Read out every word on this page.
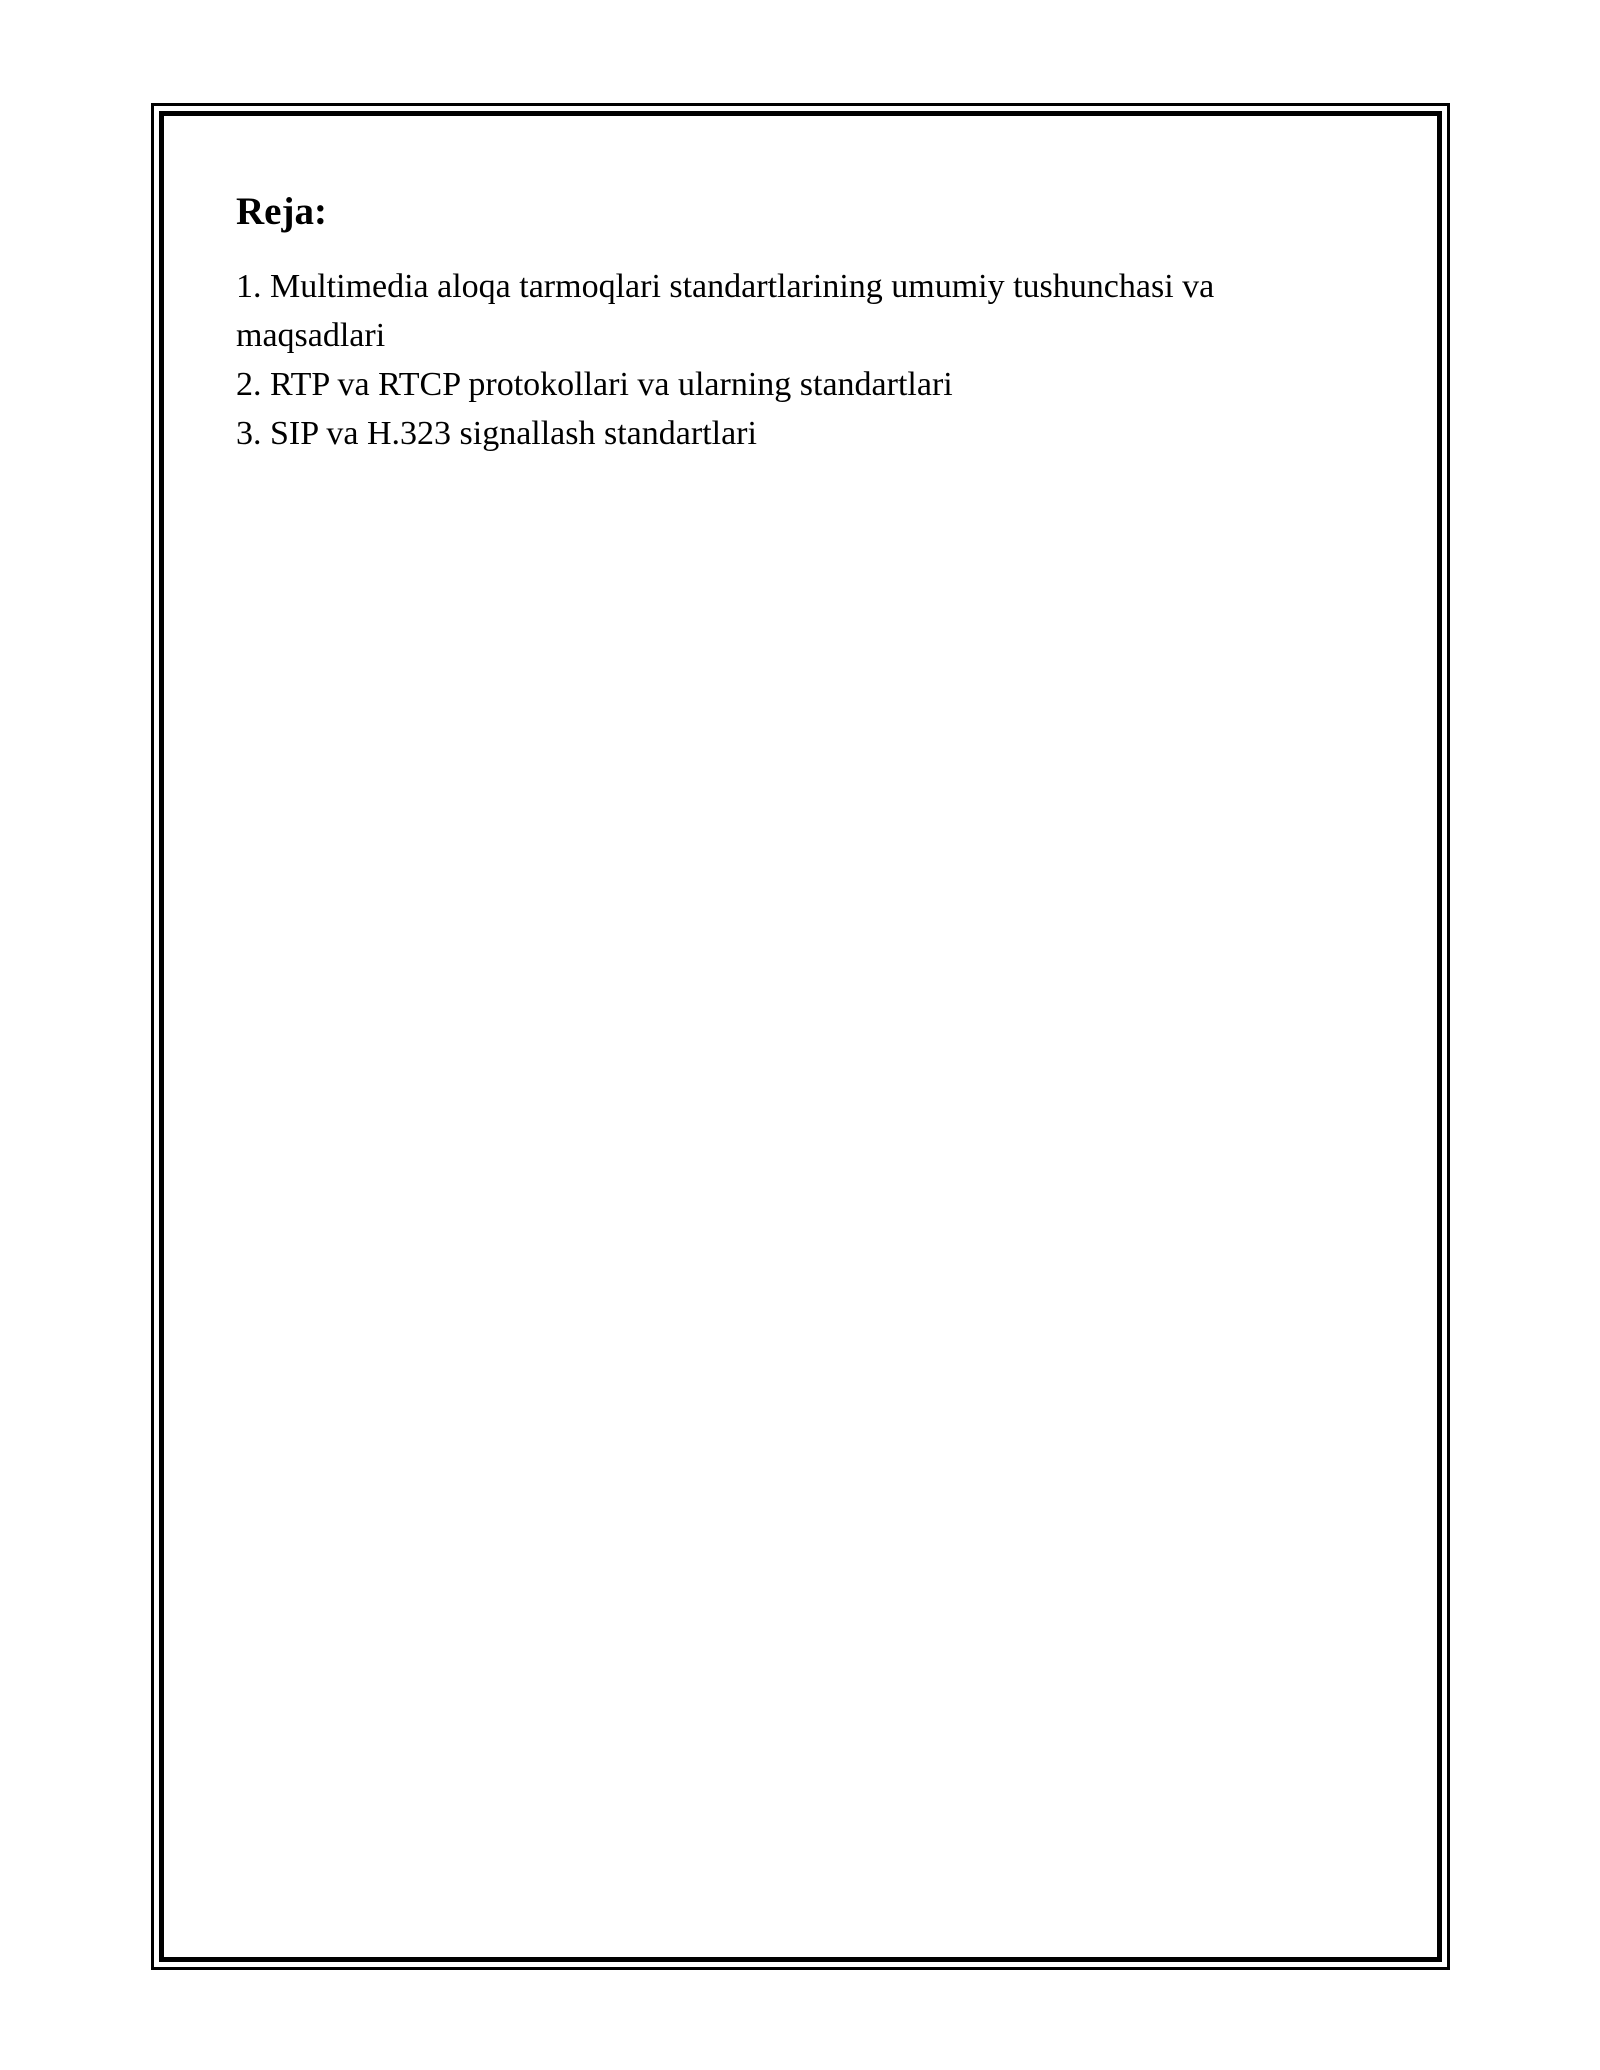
Reja:
1. Multimedia aloqa tarmoqlari standartlarining umumiy tushunchasi va maqsadlari
2. RTP va RTCP protokollari va ularning standartlari
3. SIP va H.323 signallash standartlari
